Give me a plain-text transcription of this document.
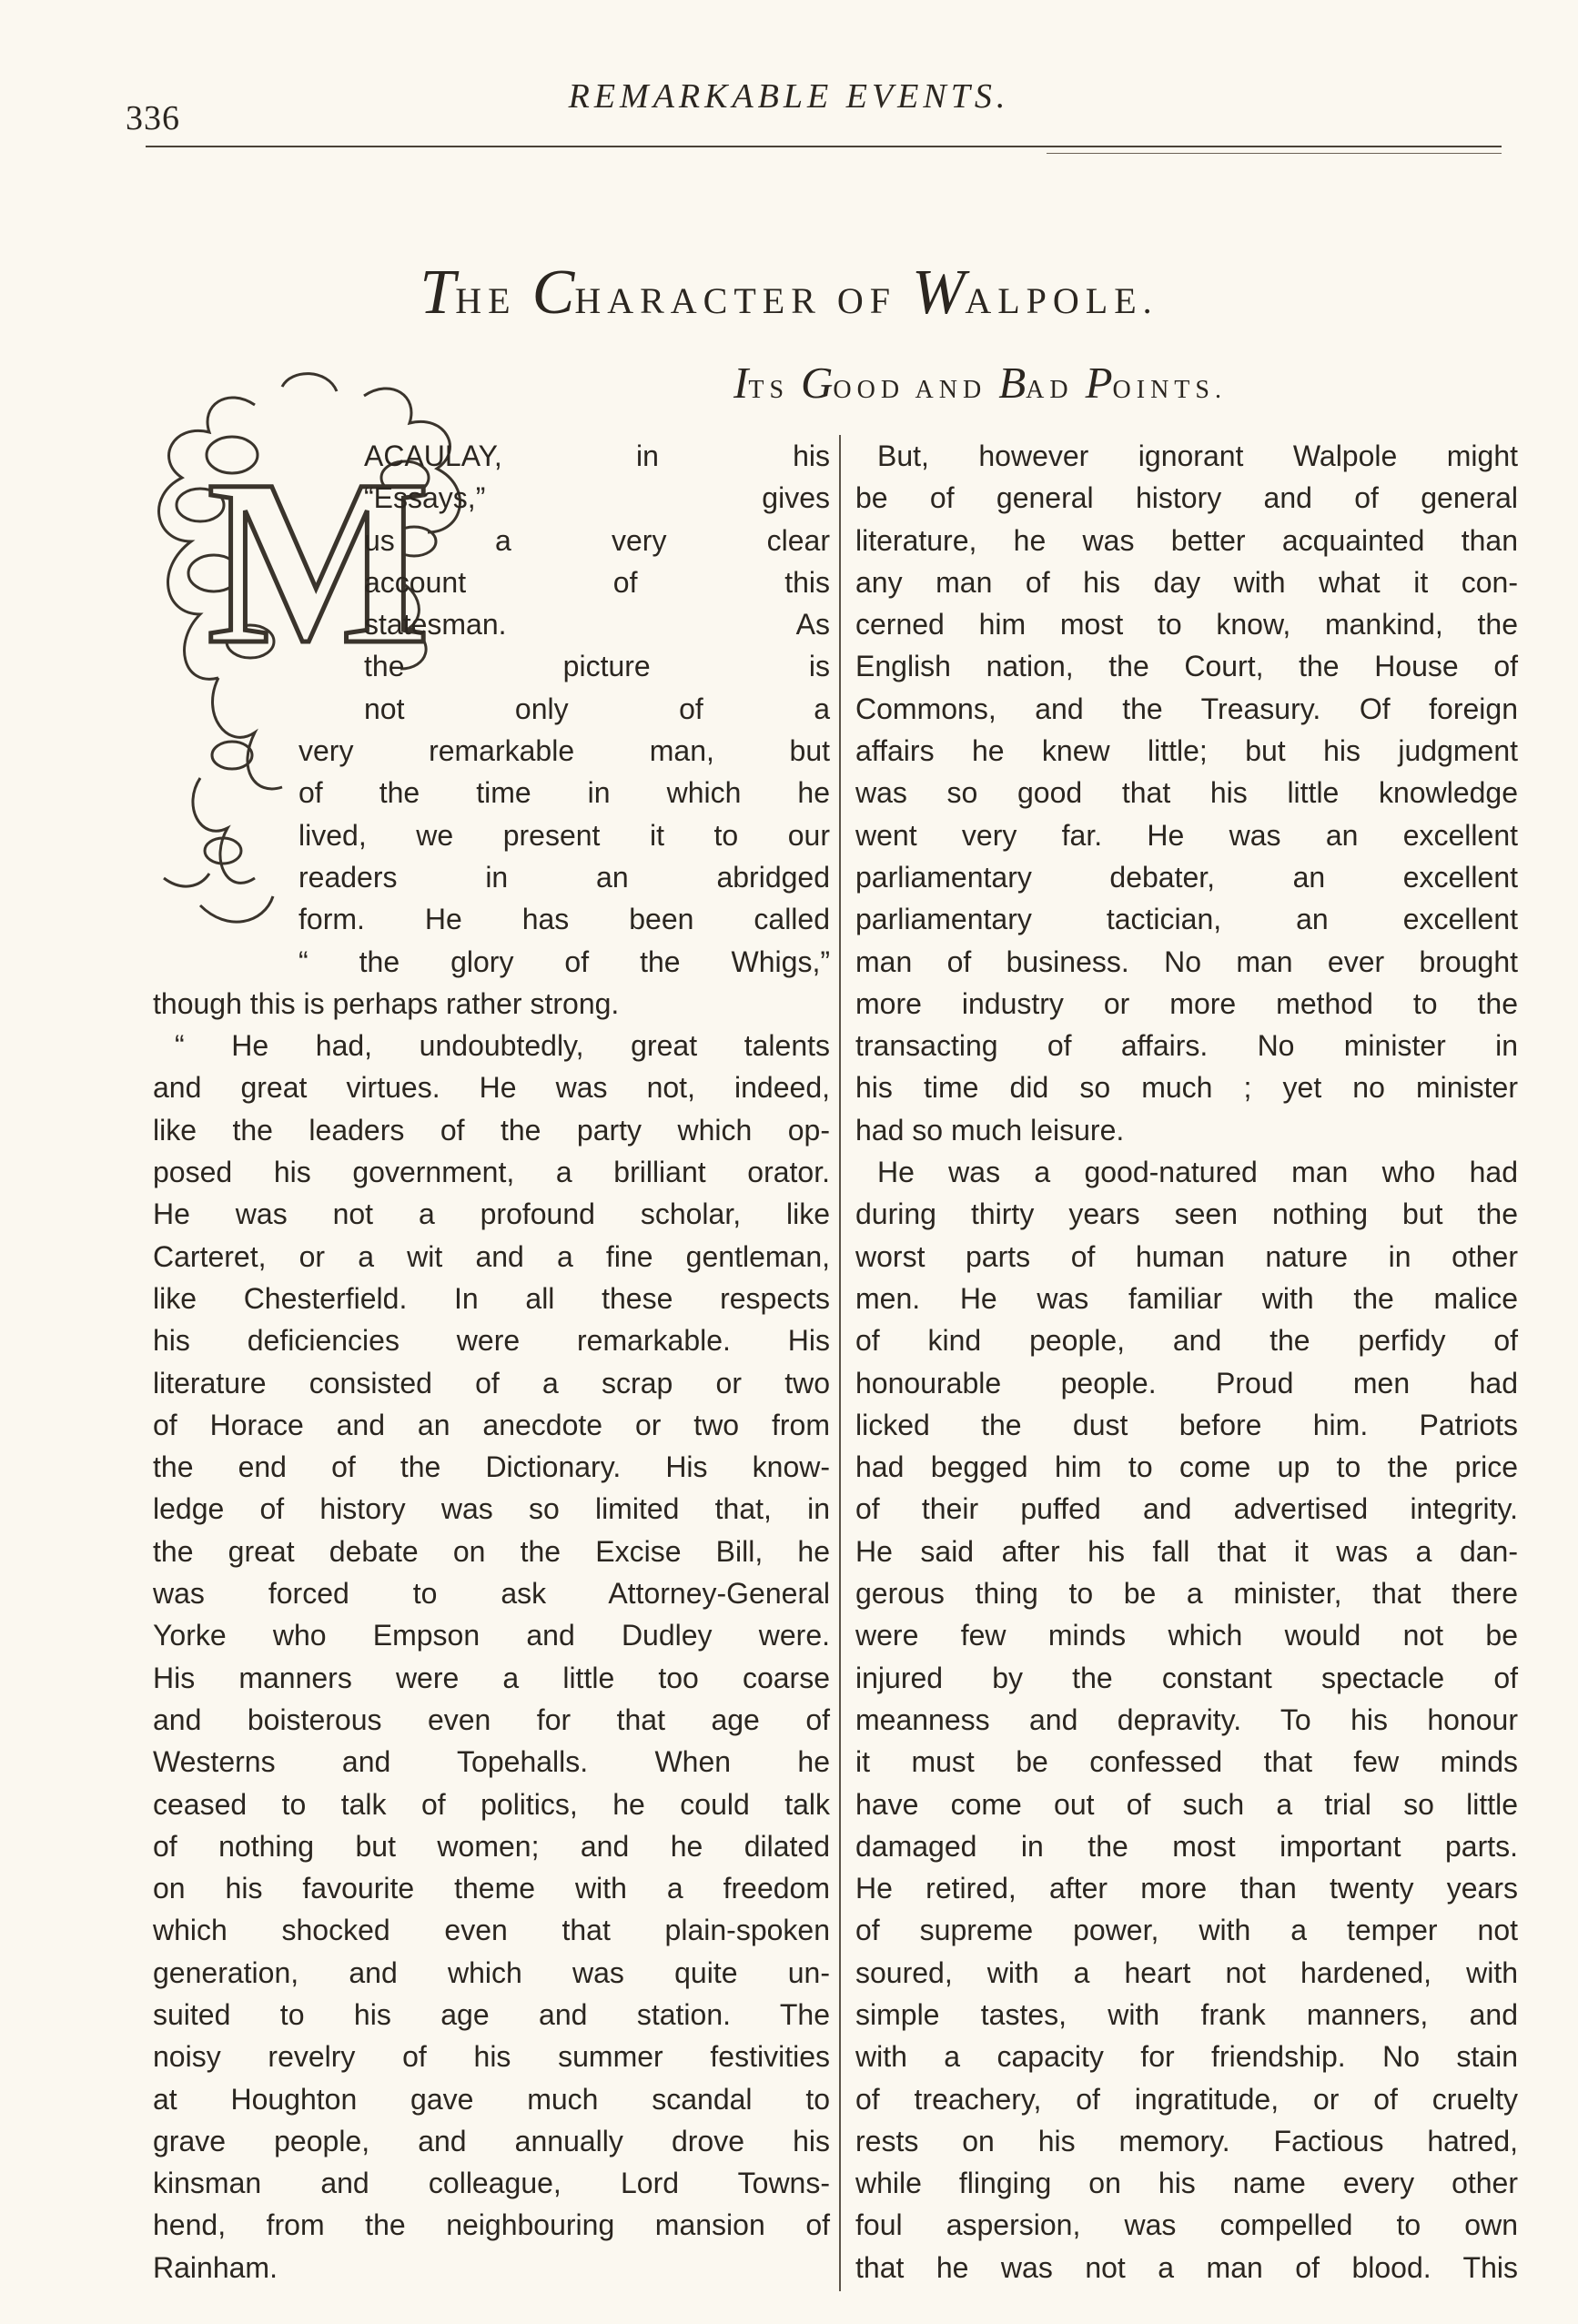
336
REMARKABLE EVENTS.
THE CHARACTER OF WALPOLE.
ITS GOOD AND BAD POINTS.
M
ACAULAY, in his
“Essays,” gives
us a very clear
account of this
statesman. As
the picture is
not only of a
very remarkable man, but
of the time in which he
lived, we present it to our
readers in an abridged
form. He has been called
“ the glory of the Whigs,”
though this is perhaps rather strong.
“ He had, undoubtedly, great talents
and great virtues. He was not, indeed,
like the leaders of the party which op-
posed his government, a brilliant orator.
He was not a profound scholar, like
Carteret, or a wit and a fine gentleman,
like Chesterfield. In all these respects
his deficiencies were remarkable. His
literature consisted of a scrap or two
of Horace and an anecdote or two from
the end of the Dictionary. His know-
ledge of history was so limited that, in
the great debate on the Excise Bill, he
was forced to ask Attorney-General
Yorke who Empson and Dudley were.
His manners were a little too coarse
and boisterous even for that age of
Westerns and Topehalls. When he
ceased to talk of politics, he could talk
of nothing but women; and he dilated
on his favourite theme with a freedom
which shocked even that plain-spoken
generation, and which was quite un-
suited to his age and station. The
noisy revelry of his summer festivities
at Houghton gave much scandal to
grave people, and annually drove his
kinsman and colleague, Lord Towns-
hend, from the neighbouring mansion of
Rainham.
But, however ignorant Walpole might
be of general history and of general
literature, he was better acquainted than
any man of his day with what it con-
cerned him most to know, mankind, the
English nation, the Court, the House of
Commons, and the Treasury. Of foreign
affairs he knew little; but his judgment
was so good that his little knowledge
went very far. He was an excellent
parliamentary debater, an excellent
parliamentary tactician, an excellent
man of business. No man ever brought
more industry or more method to the
transacting of affairs. No minister in
his time did so much ; yet no minister
had so much leisure.
He was a good-natured man who had
during thirty years seen nothing but the
worst parts of human nature in other
men. He was familiar with the malice
of kind people, and the perfidy of
honourable people. Proud men had
licked the dust before him. Patriots
had begged him to come up to the price
of their puffed and advertised integrity.
He said after his fall that it was a dan-
gerous thing to be a minister, that there
were few minds which would not be
injured by the constant spectacle of
meanness and depravity. To his honour
it must be confessed that few minds
have come out of such a trial so little
damaged in the most important parts.
He retired, after more than twenty years
of supreme power, with a temper not
soured, with a heart not hardened, with
simple tastes, with frank manners, and
with a capacity for friendship. No stain
of treachery, of ingratitude, or of cruelty
rests on his memory. Factious hatred,
while flinging on his name every other
foul aspersion, was compelled to own
that he was not a man of blood. This
